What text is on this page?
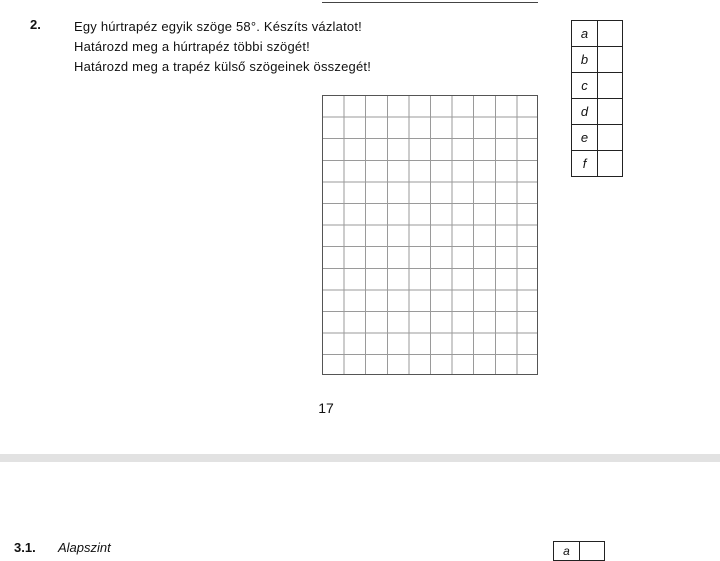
2.	Egy húrtrapéz egyik szöge 58°. Készíts vázlatot!
Határozd meg a húrtrapéz többi szögét!
Határozd meg a trapéz külső szögeinek összegét!
a
b
c
d
e
f
17
3.1. Alapszint	a
